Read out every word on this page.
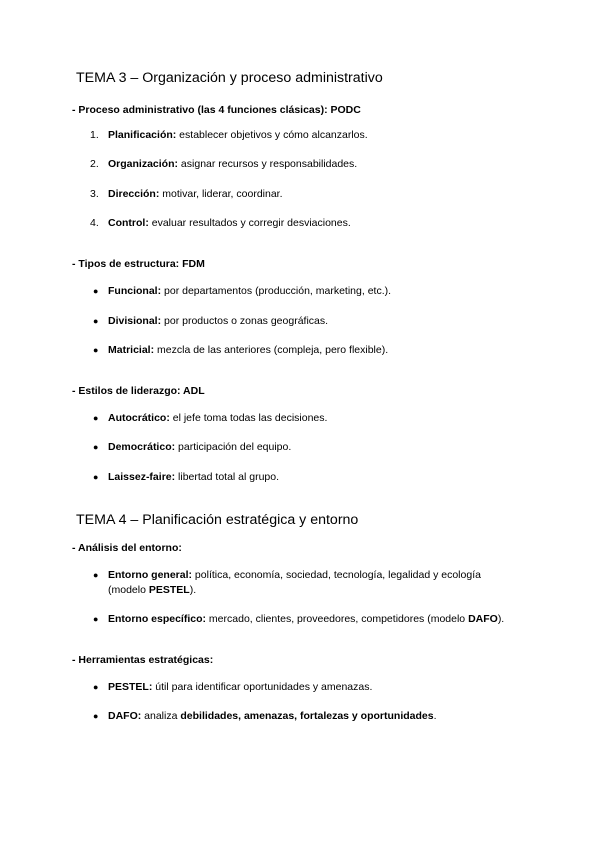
TEMA 3 – Organización y proceso administrativo
- Proceso administrativo (las 4 funciones clásicas): PODC
1. Planificación: establecer objetivos y cómo alcanzarlos.
2. Organización: asignar recursos y responsabilidades.
3. Dirección: motivar, liderar, coordinar.
4. Control: evaluar resultados y corregir desviaciones.
- Tipos de estructura: FDM
● Funcional: por departamentos (producción, marketing, etc.).
● Divisional: por productos o zonas geográficas.
● Matricial: mezcla de las anteriores (compleja, pero flexible).
- Estilos de liderazgo: ADL
● Autocrático: el jefe toma todas las decisiones.
● Democrático: participación del equipo.
● Laissez-faire: libertad total al grupo.
TEMA 4 – Planificación estratégica y entorno
- Análisis del entorno:
● Entorno general: política, economía, sociedad, tecnología, legalidad y ecología
(modelo PESTEL).
● Entorno específico: mercado, clientes, proveedores, competidores (modelo DAFO).
- Herramientas estratégicas:
● PESTEL: útil para identificar oportunidades y amenazas.
● DAFO: analiza debilidades, amenazas, fortalezas y oportunidades.
